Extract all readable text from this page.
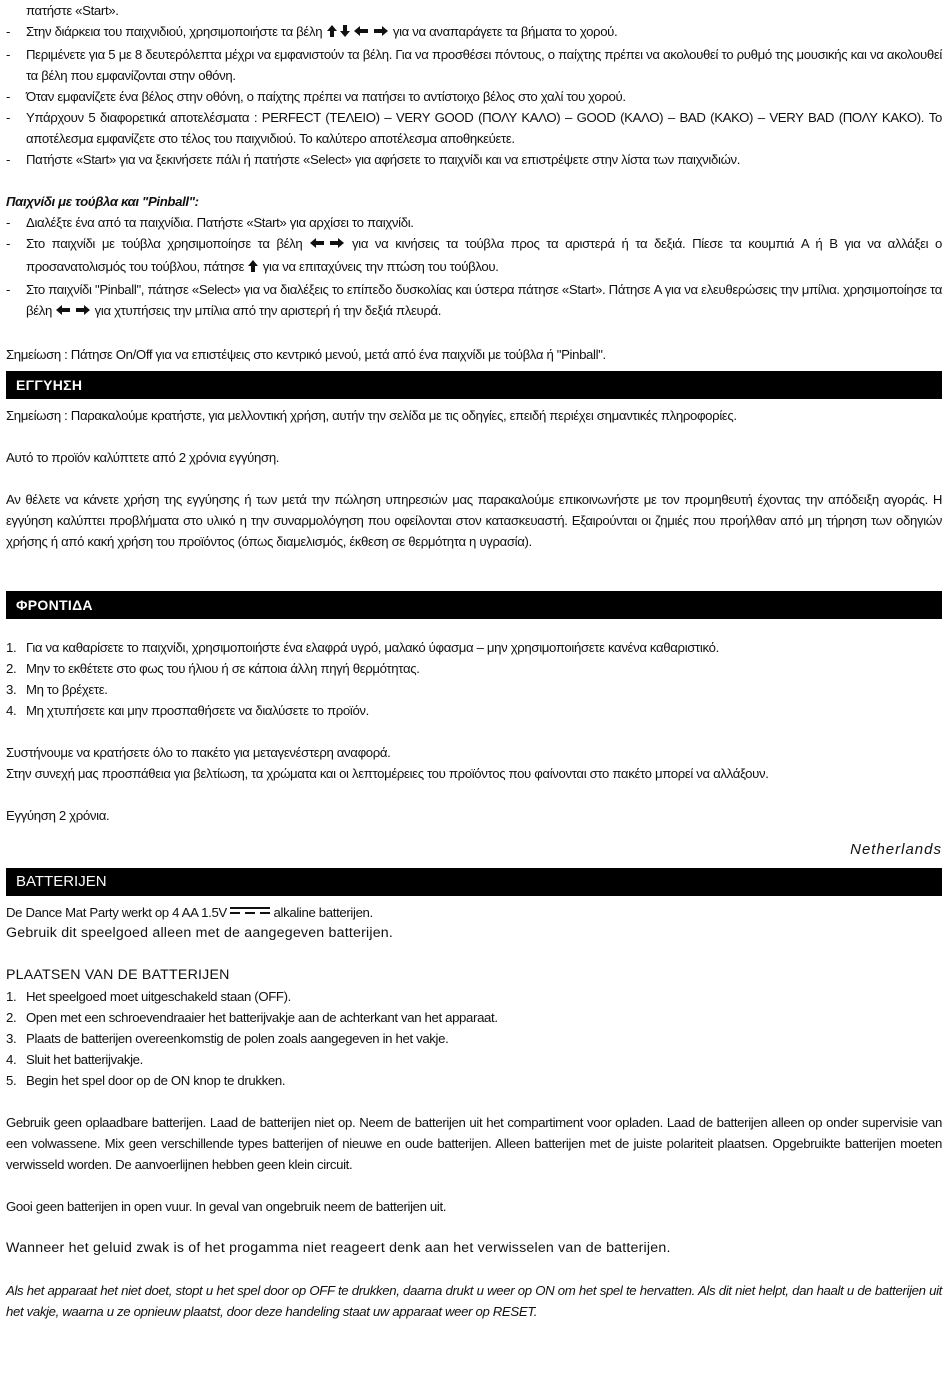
πατήστε «Start».

- Στην διάρκεια του παιχνιδιού, χρησιμοποιήστε τα βέλη	για να αναπαράγετε τα βήματα το χορού.

- Περιμένετε για 5 με 8 δευτερόλεπτα μέχρι να εμφανιστούν τα βέλη. Για να προσθέσει πόντους, ο παίχτης πρέπει να ακολουθεί το ρυθμό της μουσικής και να ακολουθεί τα βέλη που εμφανίζονται στην οθόνη.

- Όταν εμφανίζετε ένα βέλος στην οθόνη, ο παίχτης πρέπει να πατήσει το αντίστοιχο βέλος στο χαλί του χορού.

- Υπάρχουν 5 διαφορετικά αποτελέσματα : PERFECT (ΤΕΛΕΙΟ) – VERY GOOD (ΠΟΛΥ ΚΑΛΟ) – GOOD (ΚΑΛΟ) – BAD (ΚΑΚΟ) – VERY BAD (ΠΟΛΥ ΚΑΚΟ). Το αποτέλεσμα εμφανίζετε στο τέλος του παιχνιδιού. Το καλύτερο αποτέλεσμα αποθηκεύετε.

- Πατήστε «Start» για να ξεκινήσετε πάλι ή πατήστε «Select» για αφήσετε το παιχνίδι και να επιστρέψετε στην λίστα των παιχνιδιών.

Παιχνίδι με τούβλα και "Pinball":

- Διαλέξτε ένα από τα παιχνίδια. Πατήστε «Start» για αρχίσει το παιχνίδι.

- Στο παιχνίδι με τούβλα χρησιμοποίησε τα βέλη	για να κινήσεις τα τούβλα προς τα αριστερά ή τα δεξιά. Πίεσε τα κουμπιά A ή B για να αλλάξει ο προσανατολισμός του τούβλου, πάτησε για να επιταχύνεις την πτώση του τούβλου.

- Στο παιχνίδι "Pinball", πάτησε «Select» για να διαλέξεις το επίπεδο δυσκολίας και ύστερα πάτησε «Start». Πάτησε A για να ελευθερώσεις την μπίλια. χρησιμοποίησε τα βέλη	για χτυπήσεις την μπίλια από την αριστερή ή την δεξιά πλευρά.

Σημείωση : Πάτησε On/Off για να επιστέψεις στο κεντρικό μενού, μετά από ένα παιχνίδι με τούβλα ή "Pinball".

ΕΓΓΥΗΣΗ

Σημείωση : Παρακαλούμε κρατήστε, για μελλοντική χρήση, αυτήν την σελίδα με τις οδηγίες, επειδή περιέχει σημαντικές πληροφορίες.

Αυτό το προϊόν καλύπτετε από 2 χρόνια εγγύηση.

Αν θέλετε να κάνετε χρήση της εγγύησης ή των μετά την πώληση υπηρεσιών μας παρακαλούμε επικοινωνήστε με τον προμηθευτή έχοντας την απόδειξη αγοράς. Η εγγύηση καλύπτει προβλήματα στο υλικό η την συναρμολόγηση που οφείλονται στον κατασκευαστή. Εξαιρούνται οι ζημιές που προήλθαν από μη τήρηση των οδηγιών χρήσης ή από κακή χρήση του προϊόντος (όπως διαμελισμός, έκθεση σε θερμότητα η υγρασία).

ΦΡΟΝΤΙΔΑ

1. Για να καθαρίσετε το παιχνίδι, χρησιμοποιήστε ένα ελαφρά υγρό, μαλακό ύφασμα – μην χρησιμοποιήσετε κανένα καθαριστικό.

2. Μην το εκθέτετε στο φως του ήλιου ή σε κάποια άλλη πηγή θερμότητας.

3. Μη το βρέχετε.

4. Μη χτυπήσετε και μην προσπαθήσετε να διαλύσετε το προϊόν.

Συστήνουμε να κρατήσετε όλο το πακέτο για μεταγενέστερη αναφορά.

Στην συνεχή μας προσπάθεια για βελτίωση, τα χρώματα και οι λεπτομέρειες του προϊόντος που φαίνονται στο πακέτο μπορεί να αλλάξουν.

Εγγύηση 2 χρόνια.

Netherlands
BATTERIJEN

De Dance Mat Party werkt op 4 AA 1.5V	alkaline batterijen.

Gebruik dit speelgoed alleen met de aangegeven batterijen.

PLAATSEN VAN DE BATTERIJEN

1. Het speelgoed moet uitgeschakeld staan (OFF).

2. Open met een schroevendraaier het batterijvakje aan de achterkant van het apparaat.

3. Plaats de batterijen overeenkomstig de polen zoals aangegeven in het vakje.

4. Sluit het batterijvakje.

5. Begin het spel door op de ON knop te drukken.

Gebruik geen oplaadbare batterijen. Laad de batterijen niet op. Neem de batterijen uit het compartiment voor opladen. Laad de batterijen alleen op onder supervisie van een volwassene. Mix geen verschillende types batterijen of nieuwe en oude batterijen. Alleen batterijen met de juiste polariteit plaatsen. Opgebruikte batterijen moeten verwisseld worden. De aanvoerlijnen hebben geen klein circuit.

Gooi geen batterijen in open vuur. In geval van ongebruik neem de batterijen uit.

Wanneer het geluid zwak is of het progamma niet reageert denk aan het verwisselen van de batterijen.

Als het apparaat het niet doet, stopt u het spel door op OFF te drukken, daarna drukt u weer op ON om het spel te hervatten. Als dit niet helpt, dan haalt u de batterijen uit het vakje, waarna u ze opnieuw plaatst, door deze handeling staat uw apparaat weer op RESET.
